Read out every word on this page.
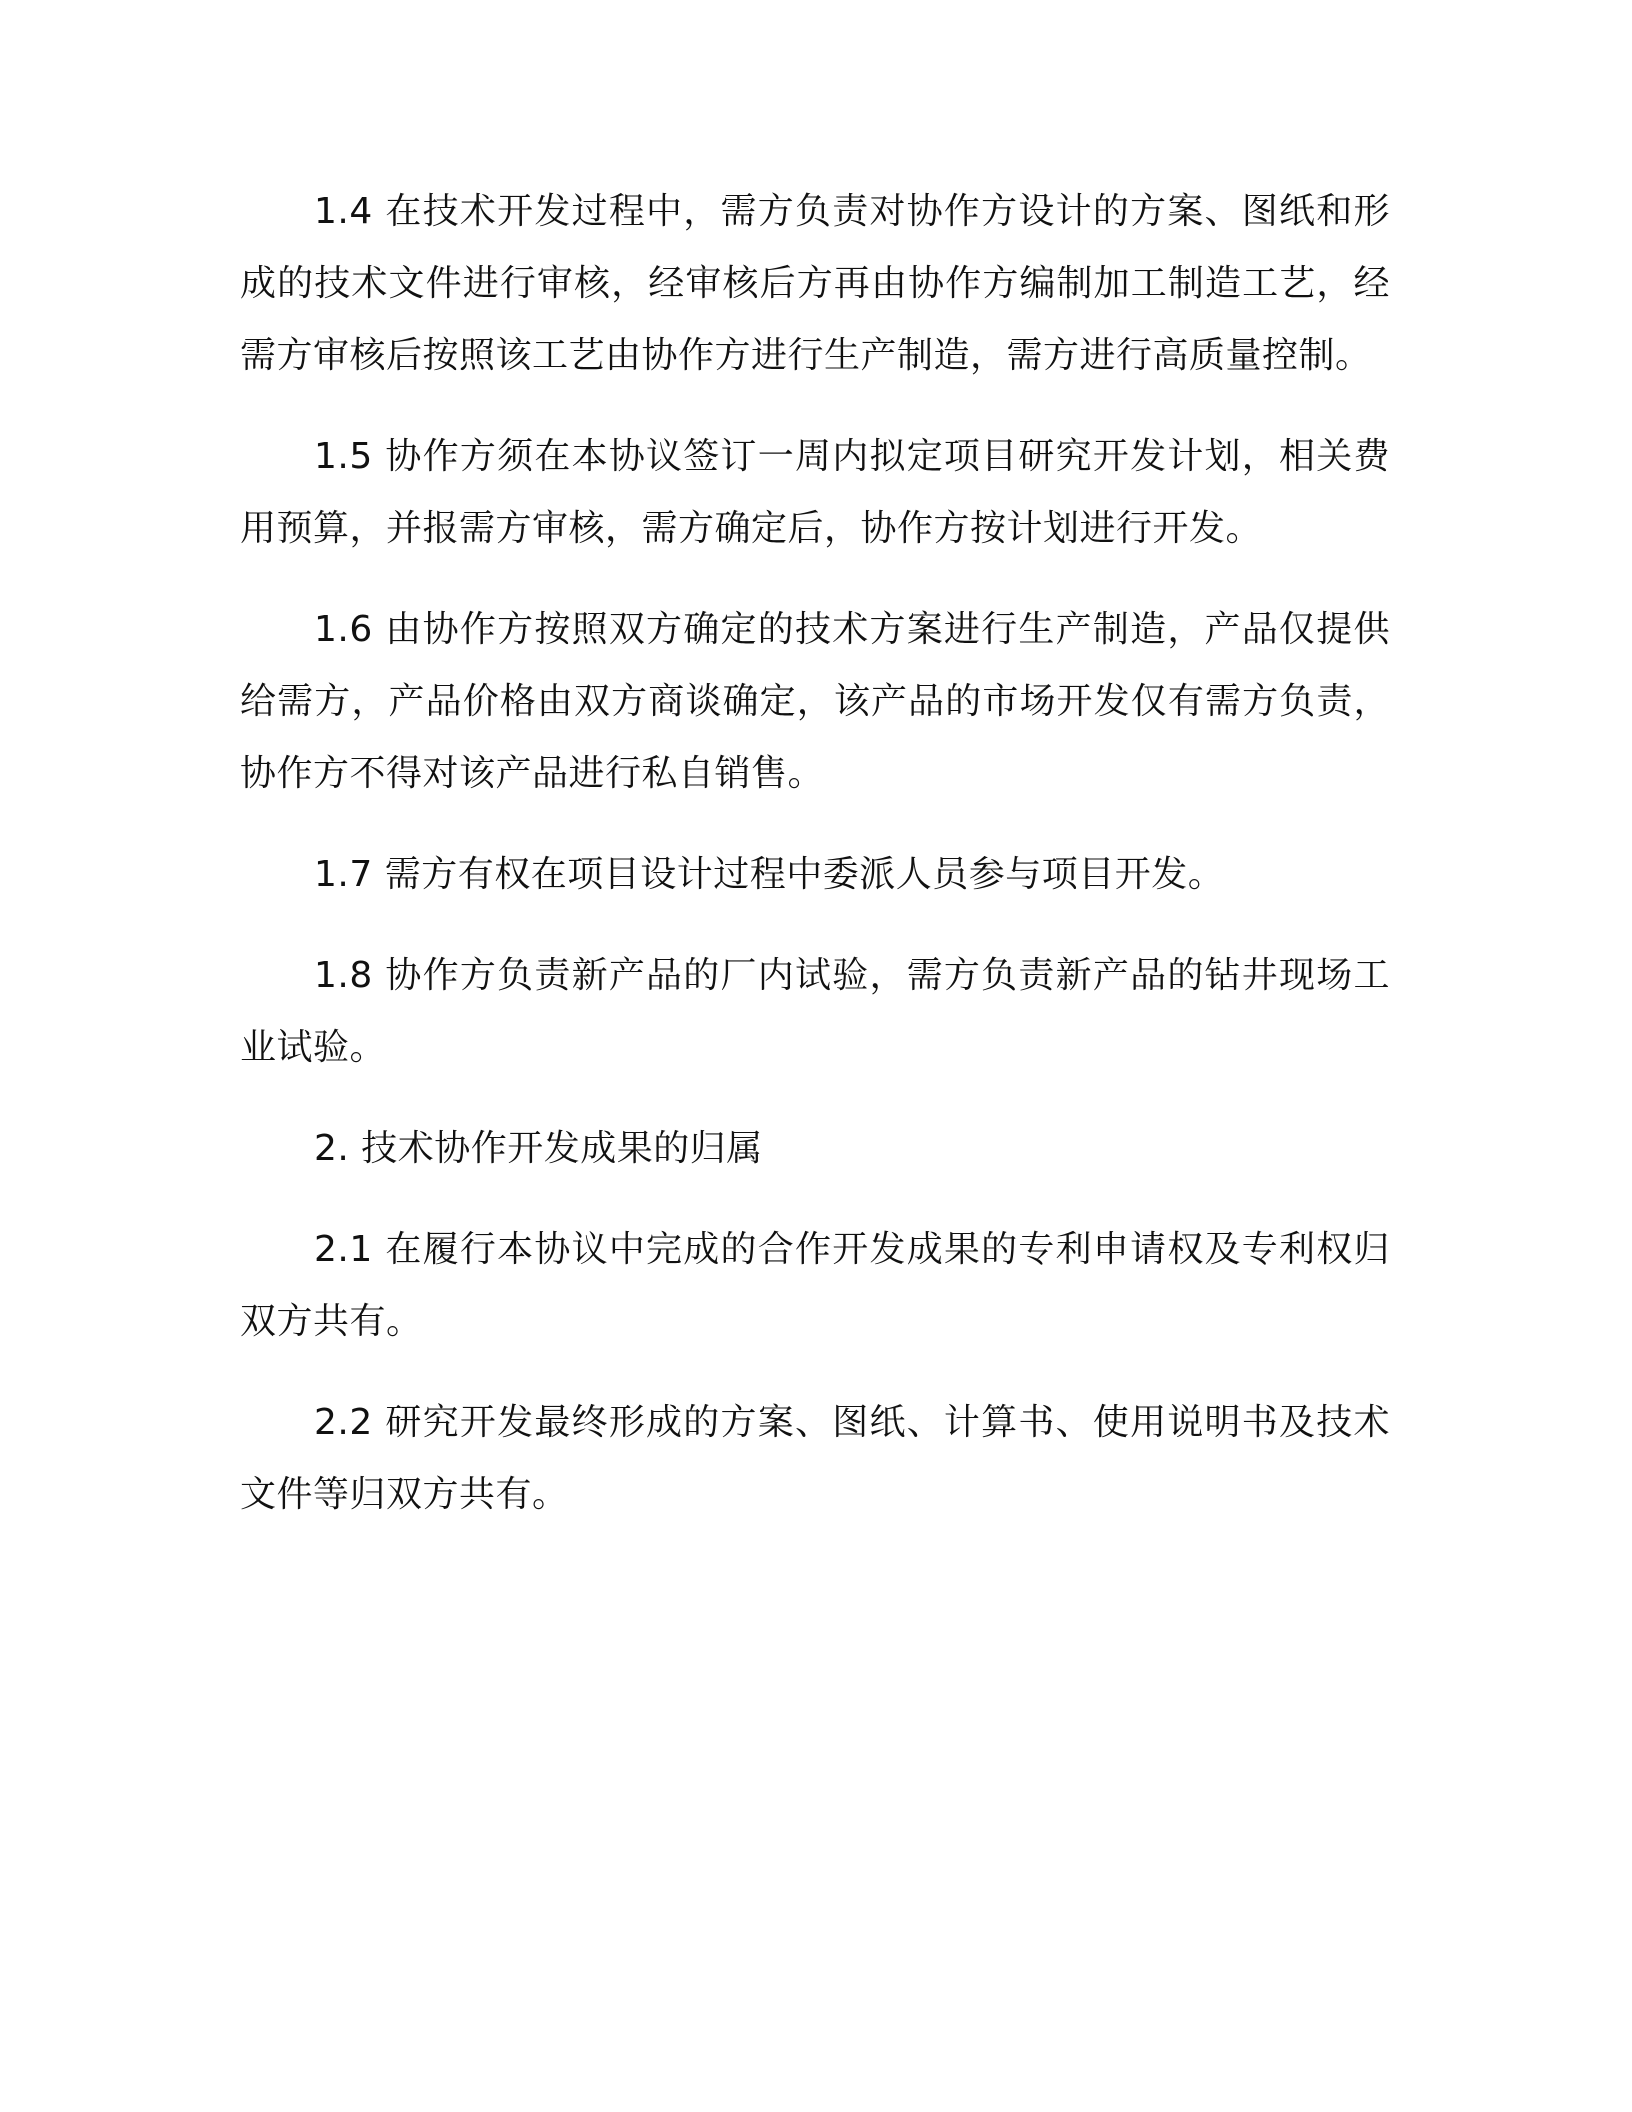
1.4 在技术开发过程中，需方负责对协作方设计的方案、图纸和形成的技术文件进行审核，经审核后方再由协作方编制加工制造工艺，经需方审核后按照该工艺由协作方进行生产制造，需方进行高质量控制。

1.5 协作方须在本协议签订一周内拟定项目研究开发计划，相关费用预算，并报需方审核，需方确定后，协作方按计划进行开发。

1.6 由协作方按照双方确定的技术方案进行生产制造，产品仅提供给需方，产品价格由双方商谈确定，该产品的市场开发仅有需方负责，协作方不得对该产品进行私自销售。

1.7 需方有权在项目设计过程中委派人员参与项目开发。

1.8 协作方负责新产品的厂内试验，需方负责新产品的钻井现场工业试验。

2. 技术协作开发成果的归属

2.1 在履行本协议中完成的合作开发成果的专利申请权及专利权归双方共有。

2.2 研究开发最终形成的方案、图纸、计算书、使用说明书及技术文件等归双方共有。
